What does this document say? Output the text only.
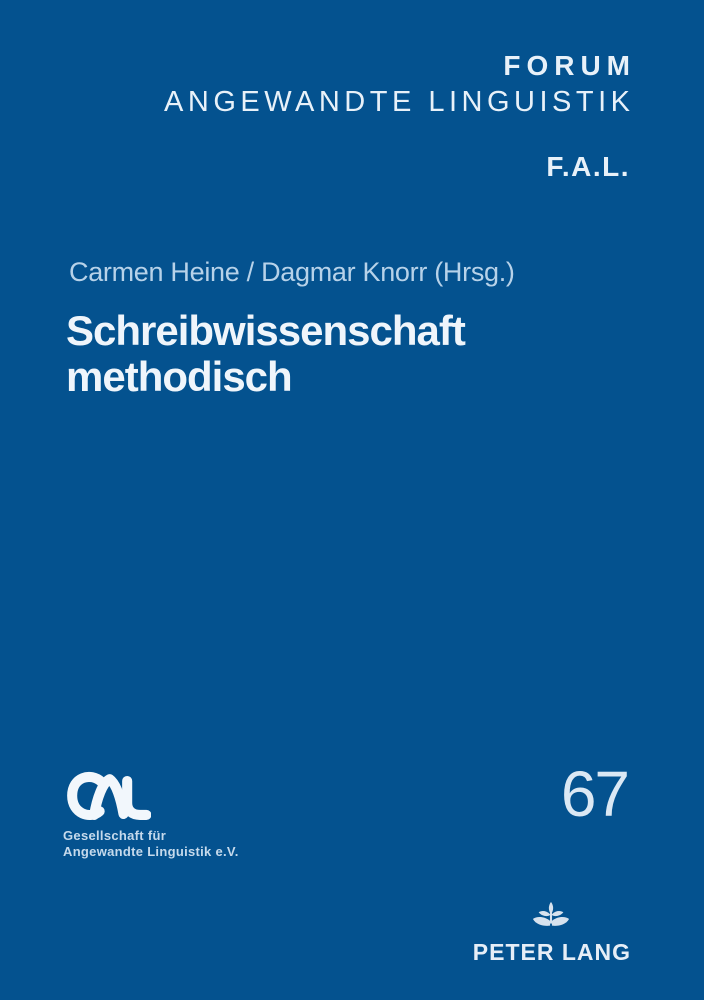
FORUM
ANGEWANDTE LINGUISTIK
F.A.L.
Carmen Heine / Dagmar Knorr (Hrsg.)
Schreibwissenschaft
methodisch
Gesellschaft für
Angewandte Linguistik e.V.
67
PETER LANG
